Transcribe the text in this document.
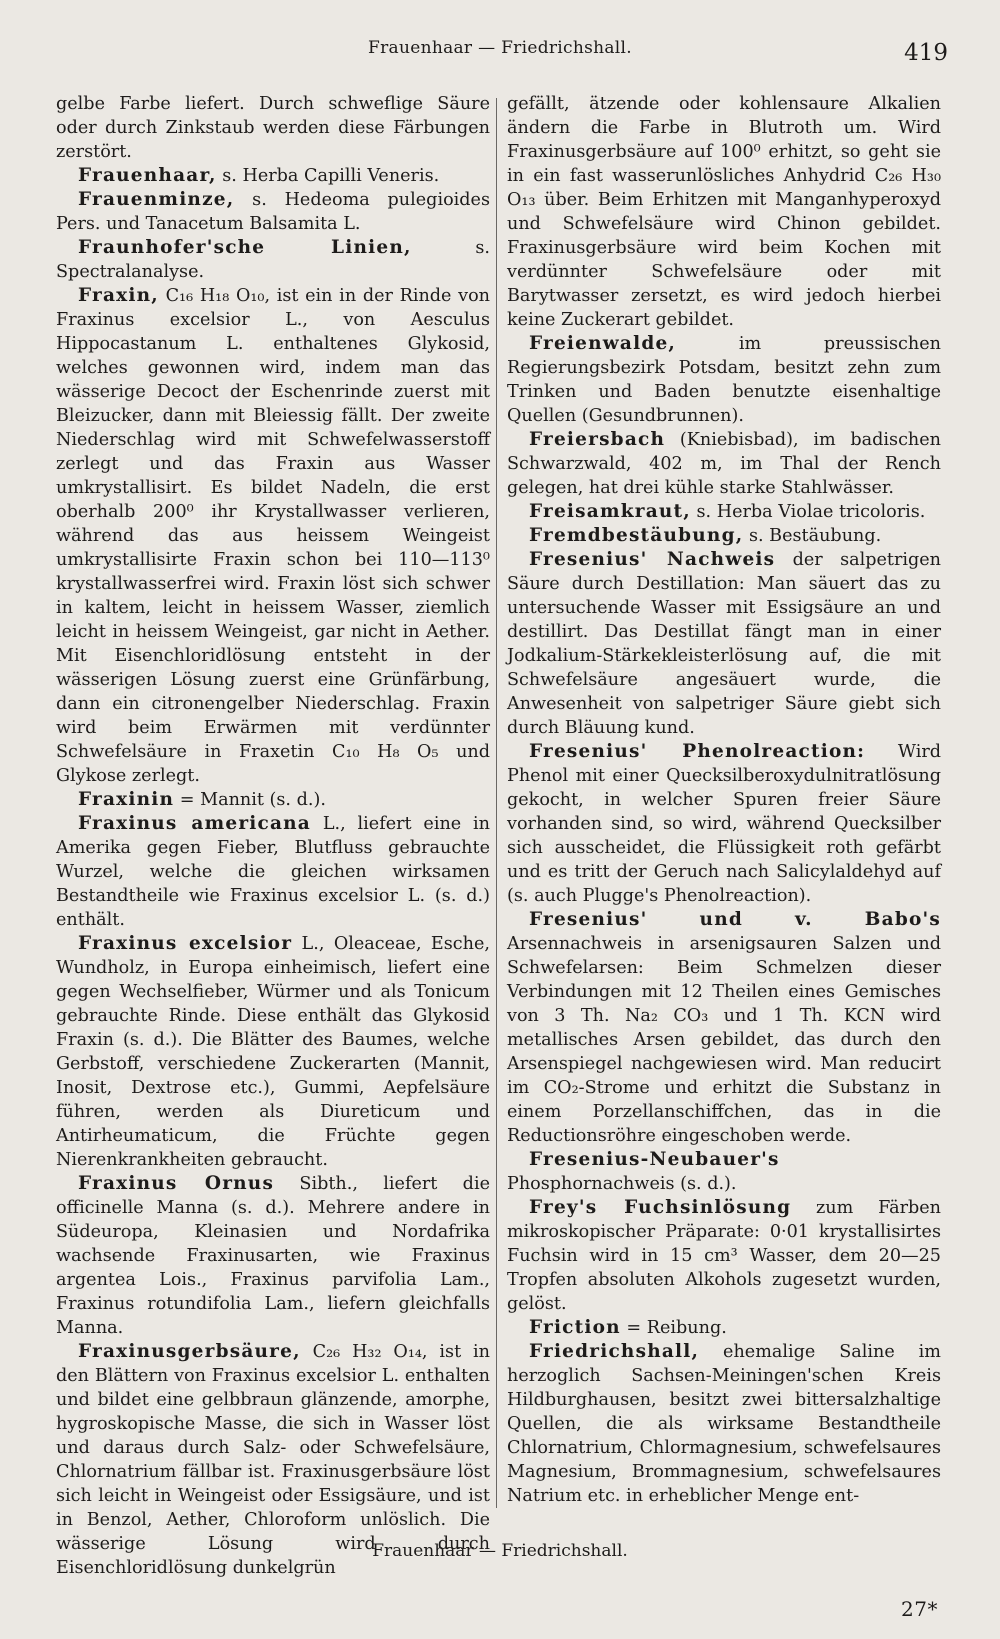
Frauenhaar — Friedrichshall.	419

gelbe Farbe liefert. Durch schweflige Säure oder durch Zinkstaub werden diese Färbungen zerstört.

Frauenhaar, s. Herba Capilli Veneris.

Frauenminze, s. Hedeoma pulegioides Pers. und Tanacetum Balsamita L.

Fraunhofer'sche Linien, s. Spectralanalyse.

Fraxin, C₁₆ H₁₈ O₁₀, ist ein in der Rinde von Fraxinus excelsior L., von Aesculus Hippocastanum L. enthaltenes Glykosid, welches gewonnen wird, indem man das wässerige Decoct der Eschenrinde zuerst mit Bleizucker, dann mit Bleiessig fällt. Der zweite Niederschlag wird mit Schwefelwasserstoff zerlegt und das Fraxin aus Wasser umkrystallisirt. Es bildet Nadeln, die erst oberhalb 200⁰ ihr Krystallwasser verlieren, während das aus heissem Weingeist umkrystallisirte Fraxin schon bei 110—113⁰ krystallwasserfrei wird. Fraxin löst sich schwer in kaltem, leicht in heissem Wasser, ziemlich leicht in heissem Weingeist, gar nicht in Aether. Mit Eisenchloridlösung entsteht in der wässerigen Lösung zuerst eine Grünfärbung, dann ein citronengelber Niederschlag. Fraxin wird beim Erwärmen mit verdünnter Schwefelsäure in Fraxetin C₁₀ H₈ O₅ und Glykose zerlegt.

Fraxinin = Mannit (s. d.).

Fraxinus americana L., liefert eine in Amerika gegen Fieber, Blutfluss gebrauchte Wurzel, welche die gleichen wirksamen Bestandtheile wie Fraxinus excelsior L. (s. d.) enthält.

Fraxinus excelsior L., Oleaceae, Esche, Wundholz, in Europa einheimisch, liefert eine gegen Wechselfieber, Würmer und als Tonicum gebrauchte Rinde. Diese enthält das Glykosid Fraxin (s. d.). Die Blätter des Baumes, welche Gerbstoff, verschiedene Zuckerarten (Mannit, Inosit, Dextrose etc.), Gummi, Aepfelsäure führen, werden als Diureticum und Antirheumaticum, die Früchte gegen Nierenkrankheiten gebraucht.

Fraxinus Ornus Sibth., liefert die officinelle Manna (s. d.). Mehrere andere in Südeuropa, Kleinasien und Nordafrika wachsende Fraxinusarten, wie Fraxinus argentea Lois., Fraxinus parvifolia Lam., Fraxinus rotundifolia Lam., liefern gleichfalls Manna.

Fraxinusgerbsäure, C₂₆ H₃₂ O₁₄, ist in den Blättern von Fraxinus excelsior L. enthalten und bildet eine gelbbraun glänzende, amorphe, hygroskopische Masse, die sich in Wasser löst und daraus durch Salz- oder Schwefelsäure, Chlornatrium fällbar ist. Fraxinusgerbsäure löst sich leicht in Weingeist oder Essigsäure, und ist in Benzol, Aether, Chloroform unlöslich. Die wässerige Lösung wird durch Eisenchloridlösung dunkelgrün

gefällt, ätzende oder kohlensaure Alkalien ändern die Farbe in Blutroth um. Wird Fraxinusgerbsäure auf 100⁰ erhitzt, so geht sie in ein fast wasserunlösliches Anhydrid C₂₆ H₃₀ O₁₃ über. Beim Erhitzen mit Manganhyperoxyd und Schwefelsäure wird Chinon gebildet. Fraxinusgerbsäure wird beim Kochen mit verdünnter Schwefelsäure oder mit Barytwasser zersetzt, es wird jedoch hierbei keine Zuckerart gebildet.

Freienwalde, im preussischen Regierungsbezirk Potsdam, besitzt zehn zum Trinken und Baden benutzte eisenhaltige Quellen (Gesundbrunnen).

Freiersbach (Kniebisbad), im badischen Schwarzwald, 402 m, im Thal der Rench gelegen, hat drei kühle starke Stahlwässer.

Freisamkraut, s. Herba Violae tricoloris.

Fremdbestäubung, s. Bestäubung.

Fresenius' Nachweis der salpetrigen Säure durch Destillation: Man säuert das zu untersuchende Wasser mit Essigsäure an und destillirt. Das Destillat fängt man in einer Jodkalium-Stärkekleisterlösung auf, die mit Schwefelsäure angesäuert wurde, die Anwesenheit von salpetriger Säure giebt sich durch Bläuung kund.

Fresenius' Phenolreaction: Wird Phenol mit einer Quecksilberoxydulnitratlösung gekocht, in welcher Spuren freier Säure vorhanden sind, so wird, während Quecksilber sich ausscheidet, die Flüssigkeit roth gefärbt und es tritt der Geruch nach Salicylaldehyd auf (s. auch Plugge's Phenolreaction).

Fresenius' und v. Babo's Arsennachweis in arsenigsauren Salzen und Schwefelarsen: Beim Schmelzen dieser Verbindungen mit 12 Theilen eines Gemisches von 3 Th. Na₂ CO₃ und 1 Th. KCN wird metallisches Arsen gebildet, das durch den Arsenspiegel nachgewiesen wird. Man reducirt im CO₂-Strome und erhitzt die Substanz in einem Porzellanschiffchen, das in die Reductionsröhre eingeschoben werde.

Fresenius-Neubauer's Phosphornachweis (s. d.).

Frey's Fuchsinlösung zum Färben mikroskopischer Präparate: 0·01 krystallisirtes Fuchsin wird in 15 cm³ Wasser, dem 20—25 Tropfen absoluten Alkohols zugesetzt wurden, gelöst.

Friction = Reibung.

Friedrichshall, ehemalige Saline im herzoglich Sachsen-Meiningen'schen Kreis Hildburghausen, besitzt zwei bittersalzhaltige Quellen, die als wirksame Bestandtheile Chlornatrium, Chlormagnesium, schwefelsaures Magnesium, Brommagnesium, schwefelsaures Natrium etc. in erheblicher Menge ent-

Frauenhaar — Friedrichshall.
27*
